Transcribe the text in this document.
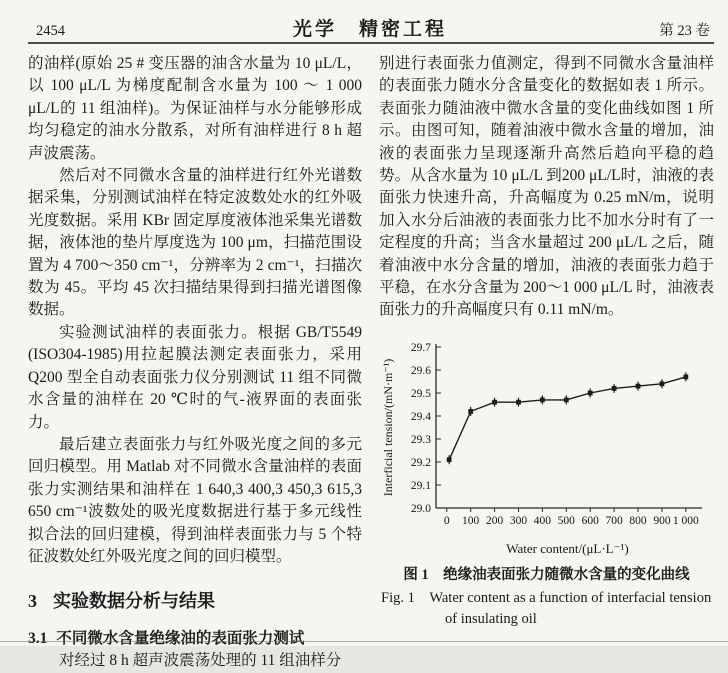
2454	光学　精密工程	第 23 卷

的油样(原始 25 # 变压器的油含水量为 10 μL/L，以 100 μL/L 为梯度配制含水量为 100 ～ 1 000 μL/L的 11 组油样)。为保证油样与水分能够形成均匀稳定的油水分散系，对所有油样进行 8 h 超声波震荡。

然后对不同微水含量的油样进行红外光谱数据采集，分别测试油样在特定波数处水的红外吸光度数据。采用 KBr 固定厚度液体池采集光谱数据，液体池的垫片厚度选为 100 μm，扫描范围设置为 4 700～350 cm⁻¹，分辨率为 2 cm⁻¹，扫描次数为 45。平均 45 次扫描结果得到扫描光谱图像数据。

实验测试油样的表面张力。根据 GB/T5549 (ISO304-1985)用拉起膜法测定表面张力，采用 Q200 型全自动表面张力仪分别测试 11 组不同微水含量的油样在 20 ℃时的气-液界面的表面张力。

最后建立表面张力与红外吸光度之间的多元回归模型。用 Matlab 对不同微水含量油样的表面张力实测结果和油样在 1 640,3 400,3 450,3 615,3 650 cm⁻¹波数处的吸光度数据进行基于多元线性拟合法的回归建模，得到油样表面张力与 5 个特征波数处红外吸光度之间的回归模型。

3 实验数据分析与结果
3.1 不同微水含量绝缘油的表面张力测试

对经过 8 h 超声波震荡处理的 11 组油样分

别进行表面张力值测定，得到不同微水含量油样的表面张力随水分含量变化的数据如表 1 所示。表面张力随油液中微水含量的变化曲线如图 1 所示。由图可知，随着油液中微水含量的增加，油液的表面张力呈现逐渐升高然后趋向平稳的趋势。从含水量为 10 μL/L 到200 μL/L时，油液的表面张力快速升高，升高幅度为 0.25 mN/m，说明加入水分后油液的表面张力比不加水分时有了一定程度的升高；当含水量超过 200 μL/L 之后，随着油液中水分含量的增加，油液的表面张力趋于平稳，在水分含量为 200～1 000 μL/L 时，油液表面张力的升高幅度只有 0.11 mN/m。

29.0
29.1
29.2
29.3
29.4
29.5
29.6
29.7
0 100 200 300 400 500 600 700 800 900 1 000
Water content/(μL·L⁻¹)
Interficial tension/(mN·m⁻¹)
图 1　绝缘油表面张力随微水含量的变化曲线
Fig. 1　Water content as a function of interfacial tension
of insulating oil
